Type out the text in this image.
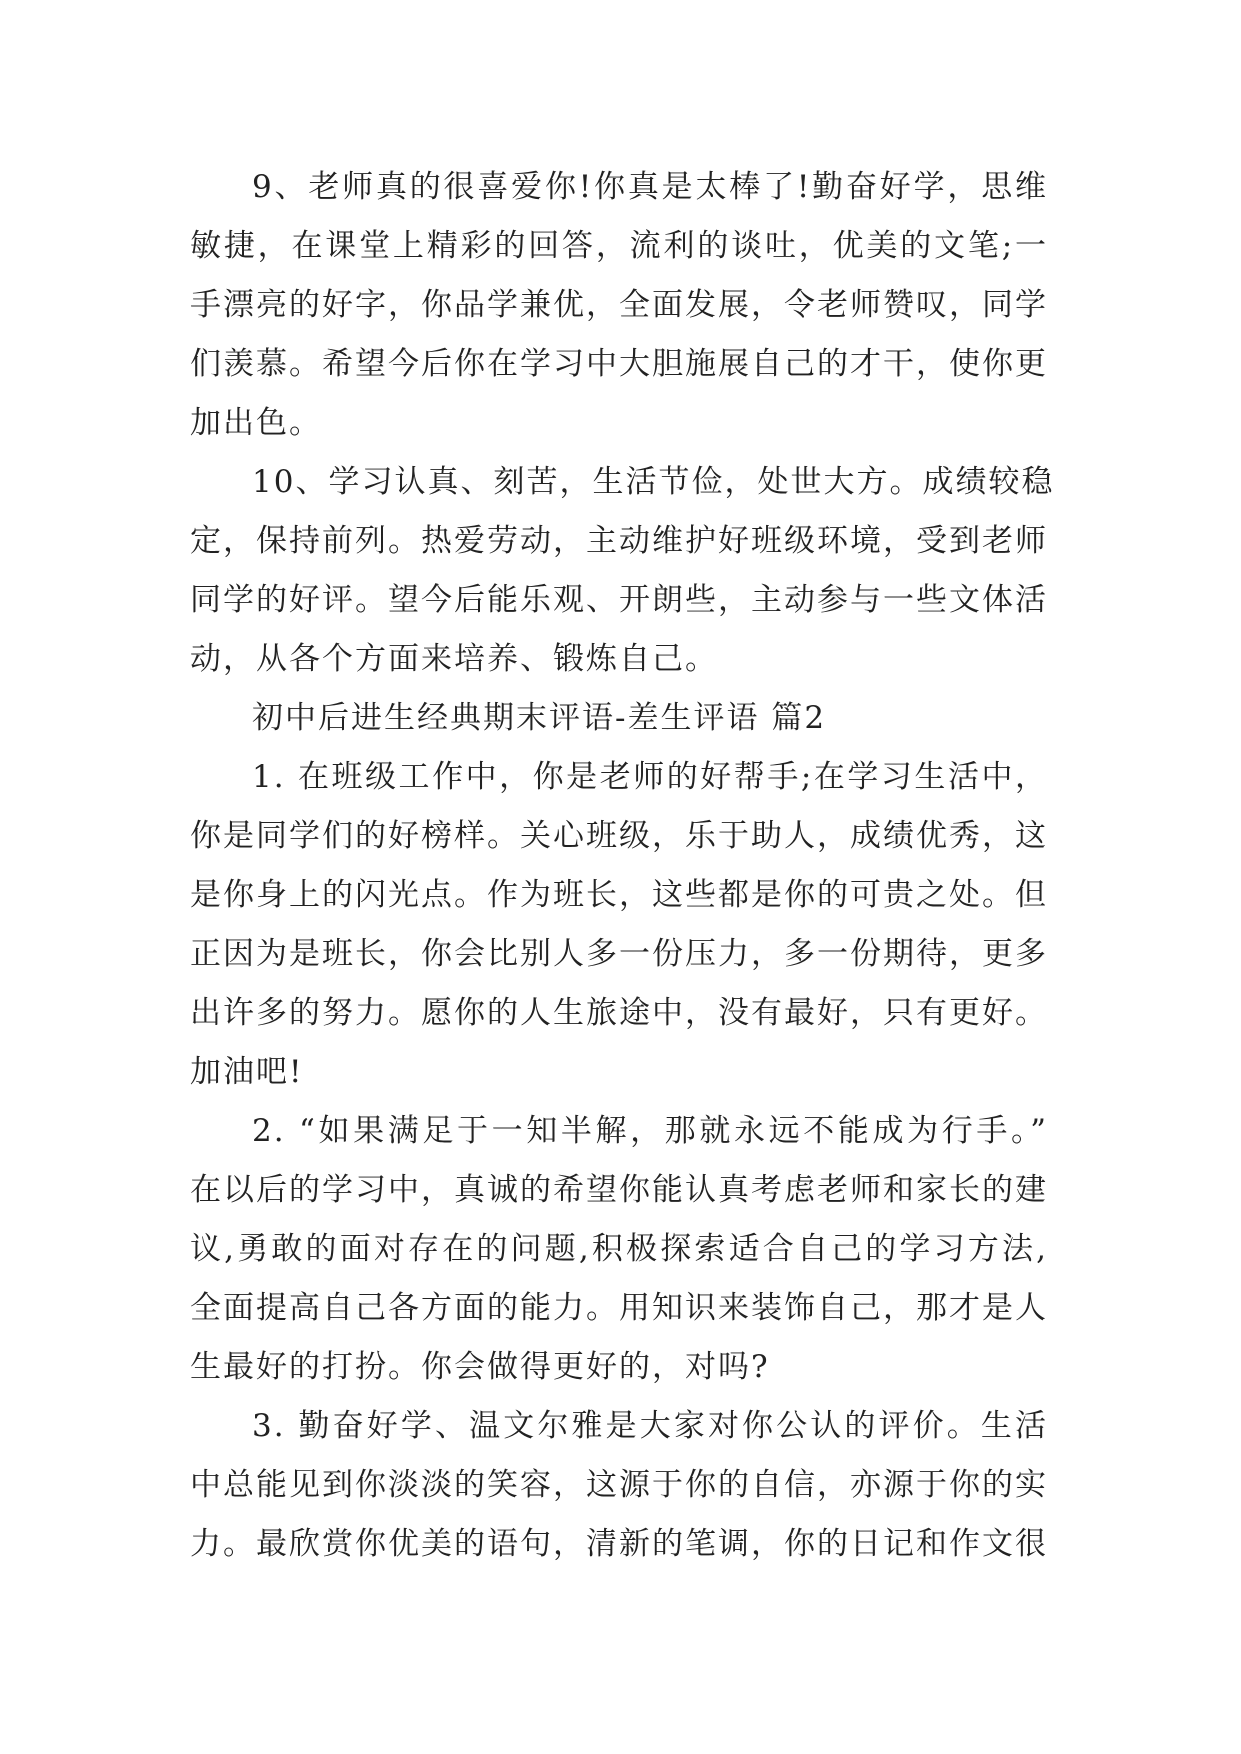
9、老师真的很喜爱你!你真是太棒了!勤奋好学，思维
敏捷，在课堂上精彩的回答，流利的谈吐，优美的文笔;一
手漂亮的好字，你品学兼优，全面发展，令老师赞叹，同学
们羡慕。希望今后你在学习中大胆施展自己的才干，使你更
加出色。
10、学习认真、刻苦，生活节俭，处世大方。成绩较稳
定，保持前列。热爱劳动，主动维护好班级环境，受到老师
同学的好评。望今后能乐观、开朗些，主动参与一些文体活
动，从各个方面来培养、锻炼自己。
初中后进生经典期末评语-差生评语 篇2
1. 在班级工作中，你是老师的好帮手;在学习生活中，
你是同学们的好榜样。关心班级，乐于助人，成绩优秀，这
是你身上的闪光点。作为班长，这些都是你的可贵之处。但
正因为是班长，你会比别人多一份压力，多一份期待，更多
出许多的努力。愿你的人生旅途中，没有最好，只有更好。
加油吧!
2. “如果满足于一知半解，那就永远不能成为行手。”
在以后的学习中，真诚的希望你能认真考虑老师和家长的建
议,勇敢的面对存在的问题,积极探索适合自己的学习方法,
全面提高自己各方面的能力。用知识来装饰自己，那才是人
生最好的打扮。你会做得更好的，对吗?
3. 勤奋好学、温文尔雅是大家对你公认的评价。生活
中总能见到你淡淡的笑容，这源于你的自信，亦源于你的实
力。最欣赏你优美的语句，清新的笔调，你的日记和作文很
